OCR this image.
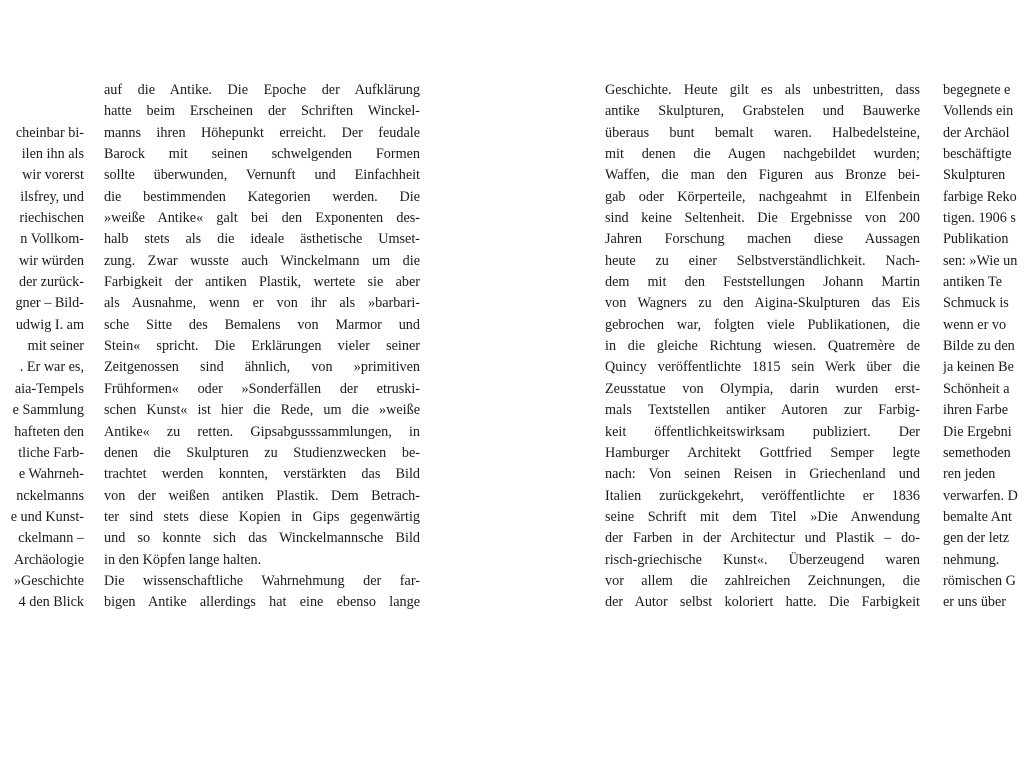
cheinbar bi-
ilen ihn als
wir vorerst
ilsfrey, und
riechischen
n Vollkom-
wir würden
der zurück-
gner – Bild-
udwig I. am
mit seiner
. Er war es,
aia-Tempels
e Sammlung
hafteten den
tliche Farb-
e Wahrneh-
nckelmanns
e und Kunst-
ckelmann –
Archäologie
»Geschichte
4 den Blick
auf die Antike. Die Epoche der Aufklärung
hatte beim Erscheinen der Schriften Winckel-
manns ihren Höhepunkt erreicht. Der feudale
Barock mit seinen schwelgenden Formen
sollte überwunden, Vernunft und Einfachheit
die bestimmenden Kategorien werden. Die
»weiße Antike« galt bei den Exponenten des-
halb stets als die ideale ästhetische Umset-
zung. Zwar wusste auch Winckelmann um die
Farbigkeit der antiken Plastik, wertete sie aber
als Ausnahme, wenn er von ihr als »barbari-
sche Sitte des Bemalens von Marmor und
Stein« spricht. Die Erklärungen vieler seiner
Zeitgenossen sind ähnlich, von »primitiven
Frühformen« oder »Sonderfällen der etruski-
schen Kunst« ist hier die Rede, um die »weiße
Antike« zu retten. Gipsabgusssammlungen, in
denen die Skulpturen zu Studienzwecken be-
trachtet werden konnten, verstärkten das Bild
von der weißen antiken Plastik. Dem Betrach-
ter sind stets diese Kopien in Gips gegenwärtig
und so konnte sich das Winckelmannsche Bild
in den Köpfen lange halten.
Die wissenschaftliche Wahrnehmung der far-
bigen Antike allerdings hat eine ebenso lange
Geschichte. Heute gilt es als unbestritten, dass
antike Skulpturen, Grabstelen und Bauwerke
überaus bunt bemalt waren. Halbedelsteine,
mit denen die Augen nachgebildet wurden;
Waffen, die man den Figuren aus Bronze bei-
gab oder Körperteile, nachgeahmt in Elfenbein
sind keine Seltenheit. Die Ergebnisse von 200
Jahren Forschung machen diese Aussagen
heute zu einer Selbstverständlichkeit. Nach-
dem mit den Feststellungen Johann Martin
von Wagners zu den Aigina-Skulpturen das Eis
gebrochen war, folgten viele Publikationen, die
in die gleiche Richtung wiesen. Quatremère de
Quincy veröffentlichte 1815 sein Werk über die
Zeusstatue von Olympia, darin wurden erst-
mals Textstellen antiker Autoren zur Farbig-
keit öffentlichkeitswirksam publiziert. Der
Hamburger Architekt Gottfried Semper legte
nach: Von seinen Reisen in Griechenland und
Italien zurückgekehrt, veröffentlichte er 1836
seine Schrift mit dem Titel »Die Anwendung
der Farben in der Architectur und Plastik – do-
risch-griechische Kunst«. Überzeugend waren
vor allem die zahlreichen Zeichnungen, die
der Autor selbst koloriert hatte. Die Farbigkeit
begegnete e
Vollends ein
der Archäol
beschäftigte
Skulpturen
farbige Reko
tigen. 1906 s
Publikation
sen: »Wie un
antiken Te
Schmuck is
wenn er vo
Bilde zu den
ja keinen Be
Schönheit a
ihren Farbe
Die Ergebni
semethoden
ren jeden
verwarfen. D
bemalte Ant
gen der letz
nehmung.
römischen G
er uns über
